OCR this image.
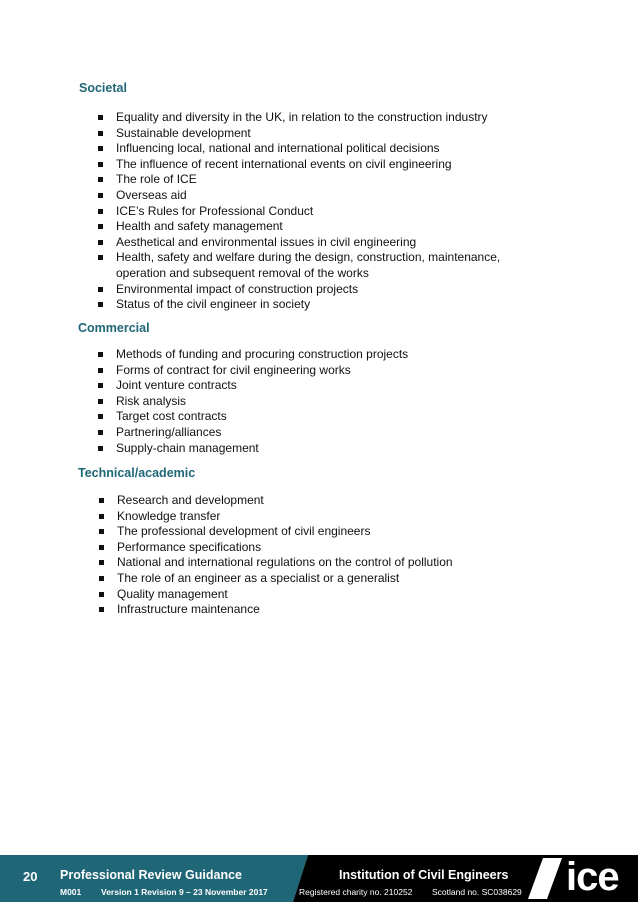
Societal
Equality and diversity in the UK, in relation to the construction industry
Sustainable development
Influencing local, national and international political decisions
The influence of recent international events on civil engineering
The role of ICE
Overseas aid
ICE’s Rules for Professional Conduct
Health and safety management
Aesthetical and environmental issues in civil engineering
Health, safety and welfare during the design, construction, maintenance, operation and subsequent removal of the works
Environmental impact of construction projects
Status of the civil engineer in society
Commercial
Methods of funding and procuring construction projects
Forms of contract for civil engineering works
Joint venture contracts
Risk analysis
Target cost contracts
Partnering/alliances
Supply-chain management
Technical/academic
Research and development
Knowledge transfer
The professional development of civil engineers
Performance specifications
National and international regulations on the control of pollution
The role of an engineer as a specialist or a generalist
Quality management
Infrastructure maintenance
20 Professional Review Guidance
M001 Version 1 Revision 9 – 23 November 2017
Institution of Civil Engineers
Registered charity no. 210252 Scotland no. SC038629 ice
